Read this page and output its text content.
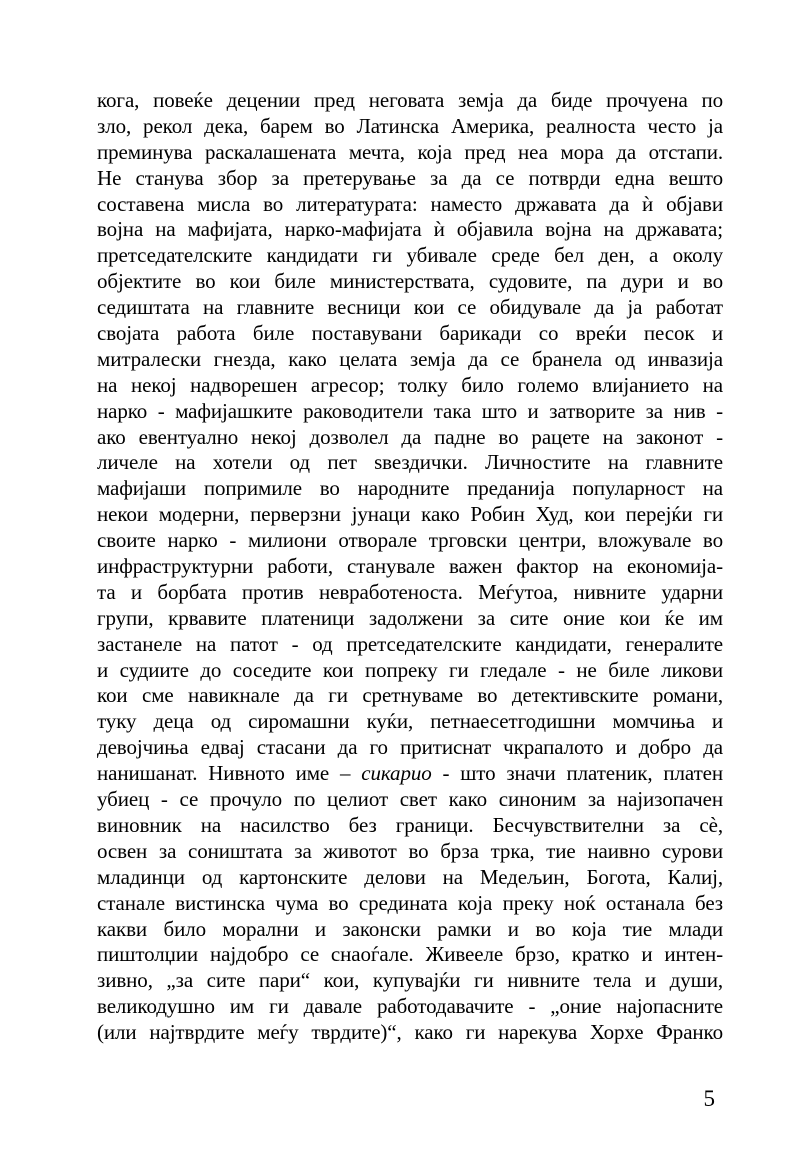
кога, повеќе децении пред неговата земја да биде прочуена по
зло, рекол дека, барем во Латинска Америка, реалноста често ја
преминува раскалашената мечта, која пред неа мора да отстапи.
Не станува збор за претерување за да се потврди една вешто
составена мисла во литературата: наместо државата да ѝ објави
војна на мафијата, нарко-мафијата ѝ објавила војна на државата;
претседателските кандидати ги убивале среде бел ден, а околу
објектите во кои биле министерствата, судовите, па дури и во
седиштата на главните весници кои се обидувале да ја работат
својата работа биле поставувани барикади со вреќи песок и
митралески гнезда, како целата земја да се бранела од инвазија
на некој надворешен агресор; толку било големо влијанието на
нарко - мафијашките раководители така што и затворите за нив -
ако евентуално некој дозволел да падне во рацете на законот -
личеле на хотели од пет ѕвездички. Личностите на главните
мафијаши попримиле во народните преданија популарност на
некои модерни, перверзни јунаци како Робин Худ, кои перејќи ги
своите нарко - милиони отворале трговски центри, вложувале во
инфраструктурни работи, станувале важен фактор на економија-
та и борбата против невработеноста. Меѓутоа, нивните ударни
групи, крвавите платеници задолжени за сите оние кои ќе им
застанеле на патот - од претседателските кандидати, генералите
и судиите до соседите кои попреку ги гледале - не биле ликови
кои сме навикнале да ги сретнуваме во детективските романи,
туку деца од сиромашни куќи, петнаесетгодишни момчиња и
девојчиња едвај стасани да го притиснат чкрапалото и добро да
нанишанат. Нивното име – сикарио - што значи платеник, платен
убиец - се прочуло по целиот свет како синоним за најизопачен
виновник на насилство без граници. Бесчувствителни за сè,
освен за соништата за животот во брза трка, тие наивно сурови
младинци од картонските делови на Медељин, Богота, Калиј,
станале вистинска чума во средината која преку ноќ останала без
какви било морални и законски рамки и во која тие млади
пиштолџии најдобро се снаоѓале. Живееле брзо, кратко и интен-
зивно, „за сите пари“ кои, купувајќи ги нивните тела и души,
великодушно им ги давале работодавачите - „оние најопасните
(или најтврдите меѓу тврдите)“, како ги нарекува Хорхе Франко
5
